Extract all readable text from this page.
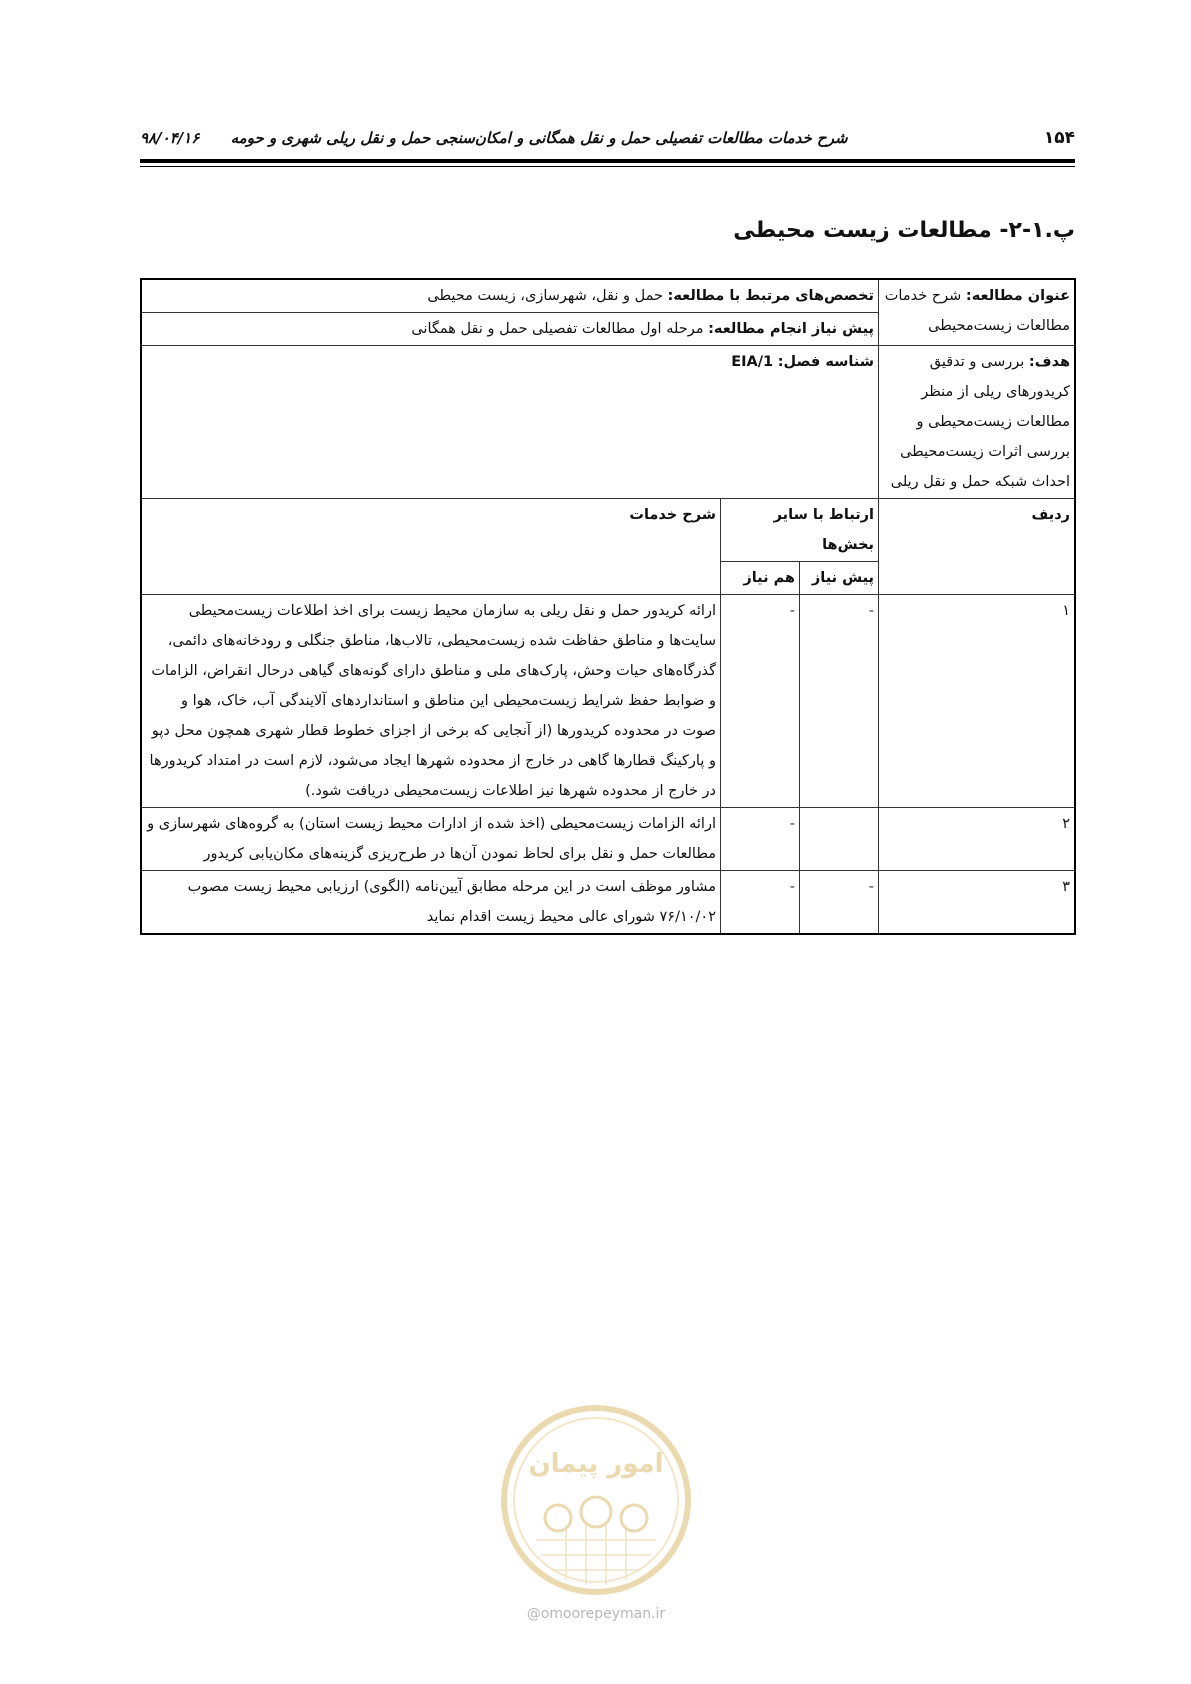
۱۵۴
شرح خدمات مطالعات تفصیلی حمل و نقل همگانی و امکان‌سنجی حمل و نقل ریلی شهری و حومه      ۹۸/۰۴/۱۶
پ.۱-۲- مطالعات زیست محیطی
عنوان مطالعه: شرح خدمات مطالعات زیست‌محیطی	تخصص‌های مرتبط با مطالعه: حمل و نقل، شهرسازی، زیست محیطی		
	پیش نیاز انجام مطالعه: مرحله اول مطالعات تفصیلی حمل و نقل همگانی		
هدف: بررسی و تدقیق کریدورهای ریلی از منظر مطالعات زیست‌محیطی و بررسی اثرات زیست‌محیطی احداث شبکه حمل و نقل ریلی	شناسه فصل: EIA/1		
ردیف	ارتباط با سایر بخش‌ها		شرح خدمات
	پیش نیاز	هم نیاز	
۱	-	-	ارائه کریدور حمل و نقل ریلی به سازمان محیط زیست برای اخذ اطلاعات زیست‌محیطی سایت‌ها و مناطق حفاظت شده زیست‌محیطی، تالاب‌ها، مناطق جنگلی و رودخانه‌های دائمی، گذرگاه‌های حیات وحش، پارک‌های ملی و مناطق دارای گونه‌های گیاهی درحال انقراض، الزامات و ضوابط حفظ شرایط زیست‌محیطی این مناطق و استانداردهای آلایندگی آب، خاک، هوا و صوت در محدوده کریدورها (از آنجایی که برخی از اجزای خطوط قطار شهری همچون محل دپو و پارکینگ قطارها گاهی در خارج از محدوده شهرها ایجاد می‌شود، لازم است در امتداد کریدورها در خارج از محدوده شهرها نیز اطلاعات زیست‌محیطی دریافت شود.)
۲		-	ارائه الزامات زیست‌محیطی (اخذ شده از ادارات محیط زیست استان) به گروه‌های شهرسازی و مطالعات حمل و نقل برای لحاظ نمودن آن‌ها در طرح‌ریزی گزینه‌های مکان‌یابی کریدور
۳	-	-	مشاور موظف است در این مرحله مطابق آیین‌نامه (الگوی) ارزیابی محیط زیست مصوب ۷۶/۱۰/۰۲ شورای عالی محیط زیست اقدام نماید
امور پیمان
@omoorepeyman.ir
